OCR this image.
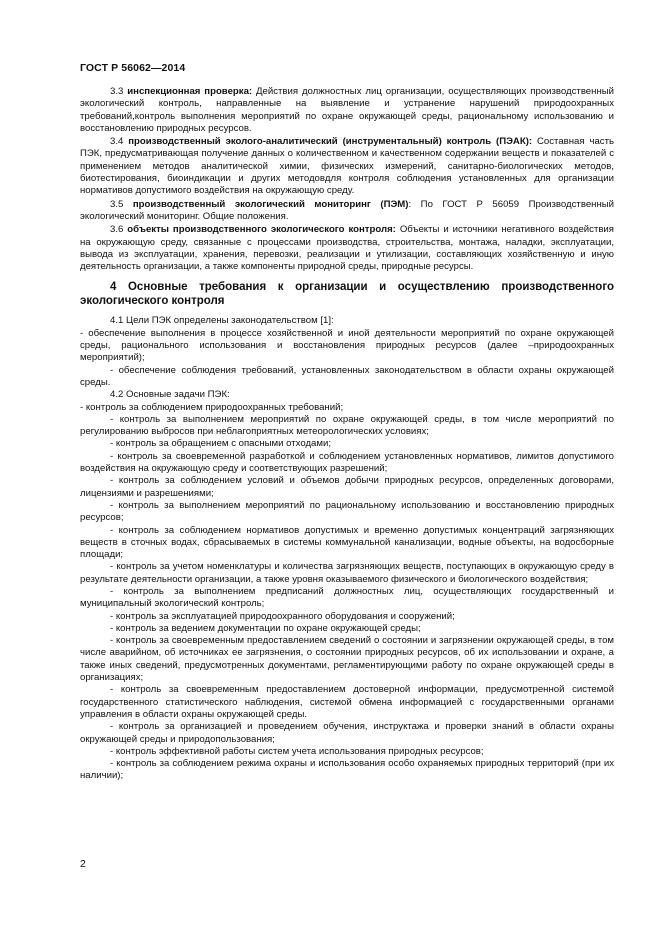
ГОСТ Р 56062—2014

3.3 инспекционная проверка: Действия должностных лиц организации, осуществляющих производственный экологический контроль, направленные на выявление и устранение нарушений природоохранных требований,контроль выполнения мероприятий по охране окружающей среды, рациональному использованию и восстановлению природных ресурсов.

3.4 производственный эколого-аналитический (инструментальный) контроль (ПЭАК): Составная часть ПЭК, предусматривающая получение данных о количественном и качественном содержании веществ и показателей с применением методов аналитической химии, физических измерений, санитарно-биологических методов, биотестирования, биоиндикации и других методовдля контроля соблюдения установленных для организации нормативов допустимого воздействия на окружающую среду.

3.5 производственный экологический мониторинг (ПЭМ): По ГОСТ Р 56059 Производственный экологический мониторинг. Общие положения.

3.6 объекты производственного экологического контроля: Объекты и источники негативного воздействия на окружающую среду, связанные с процессами производства, строительства, монтажа, наладки, эксплуатации, вывода из эксплуатации, хранения, перевозки, реализации и утилизации, составляющих хозяйственную и иную деятельность организации, а также компоненты природной среды, природные ресурсы.

4 Основные требования к организации и осуществлению производственного экологического контроля

4.1 Цели ПЭК определены законодательством [1]:

- обеспечение выполнения в процессе хозяйственной и иной деятельности мероприятий по охране окружающей среды, рационального использования и восстановления природных ресурсов (далее –природоохранных мероприятий);

- обеспечение соблюдения требований, установленных законодательством в области охраны окружающей среды.

4.2 Основные задачи ПЭК:

- контроль за соблюдением природоохранных требований;

- контроль за выполнением мероприятий по охране окружающей среды, в том числе мероприятий по регулированию выбросов при неблагоприятных метеорологических условиях;

- контроль за обращением с опасными отходами;

- контроль за своевременной разработкой и соблюдением установленных нормативов, лимитов допустимого воздействия на окружающую среду и соответствующих разрешений;

- контроль за соблюдением условий и объемов добычи природных ресурсов, определенных договорами, лицензиями и разрешениями;

- контроль за выполнением мероприятий по рациональному использованию и восстановлению природных ресурсов;

- контроль за соблюдением нормативов допустимых и временно допустимых концентраций загрязняющих веществ в сточных водах, сбрасываемых в системы коммунальной канализации, водные объекты, на водосборные площади;

- контроль за учетом номенклатуры и количества загрязняющих веществ, поступающих в окружающую среду в результате деятельности организации, а также уровня оказываемого физического и биологического воздействия;

- контроль за выполнением предписаний должностных лиц, осуществляющих государственный и муниципальный экологический контроль;

- контроль за эксплуатацией природоохранного оборудования и сооружений;

- контроль за ведением документации по охране окружающей среды;

- контроль за своевременным предоставлением сведений о состоянии и загрязнении окружающей среды, в том числе аварийном, об источниках ее загрязнения, о состоянии природных ресурсов, об их использовании и охране, а также иных сведений, предусмотренных документами, регламентирующими работу по охране окружающей среды в организациях;

- контроль за своевременным предоставлением достоверной информации, предусмотренной системой государственного статистического наблюдения, системой обмена информацией с государственными органами управления в области охраны окружающей среды.

- контроль за организацией и проведением обучения, инструктажа и проверки знаний в области охраны окружающей среды и природопользования;

- контроль эффективной работы систем учета использования природных ресурсов;

- контроль за соблюдением режима охраны и использования особо охраняемых природных территорий (при их наличии);

2
